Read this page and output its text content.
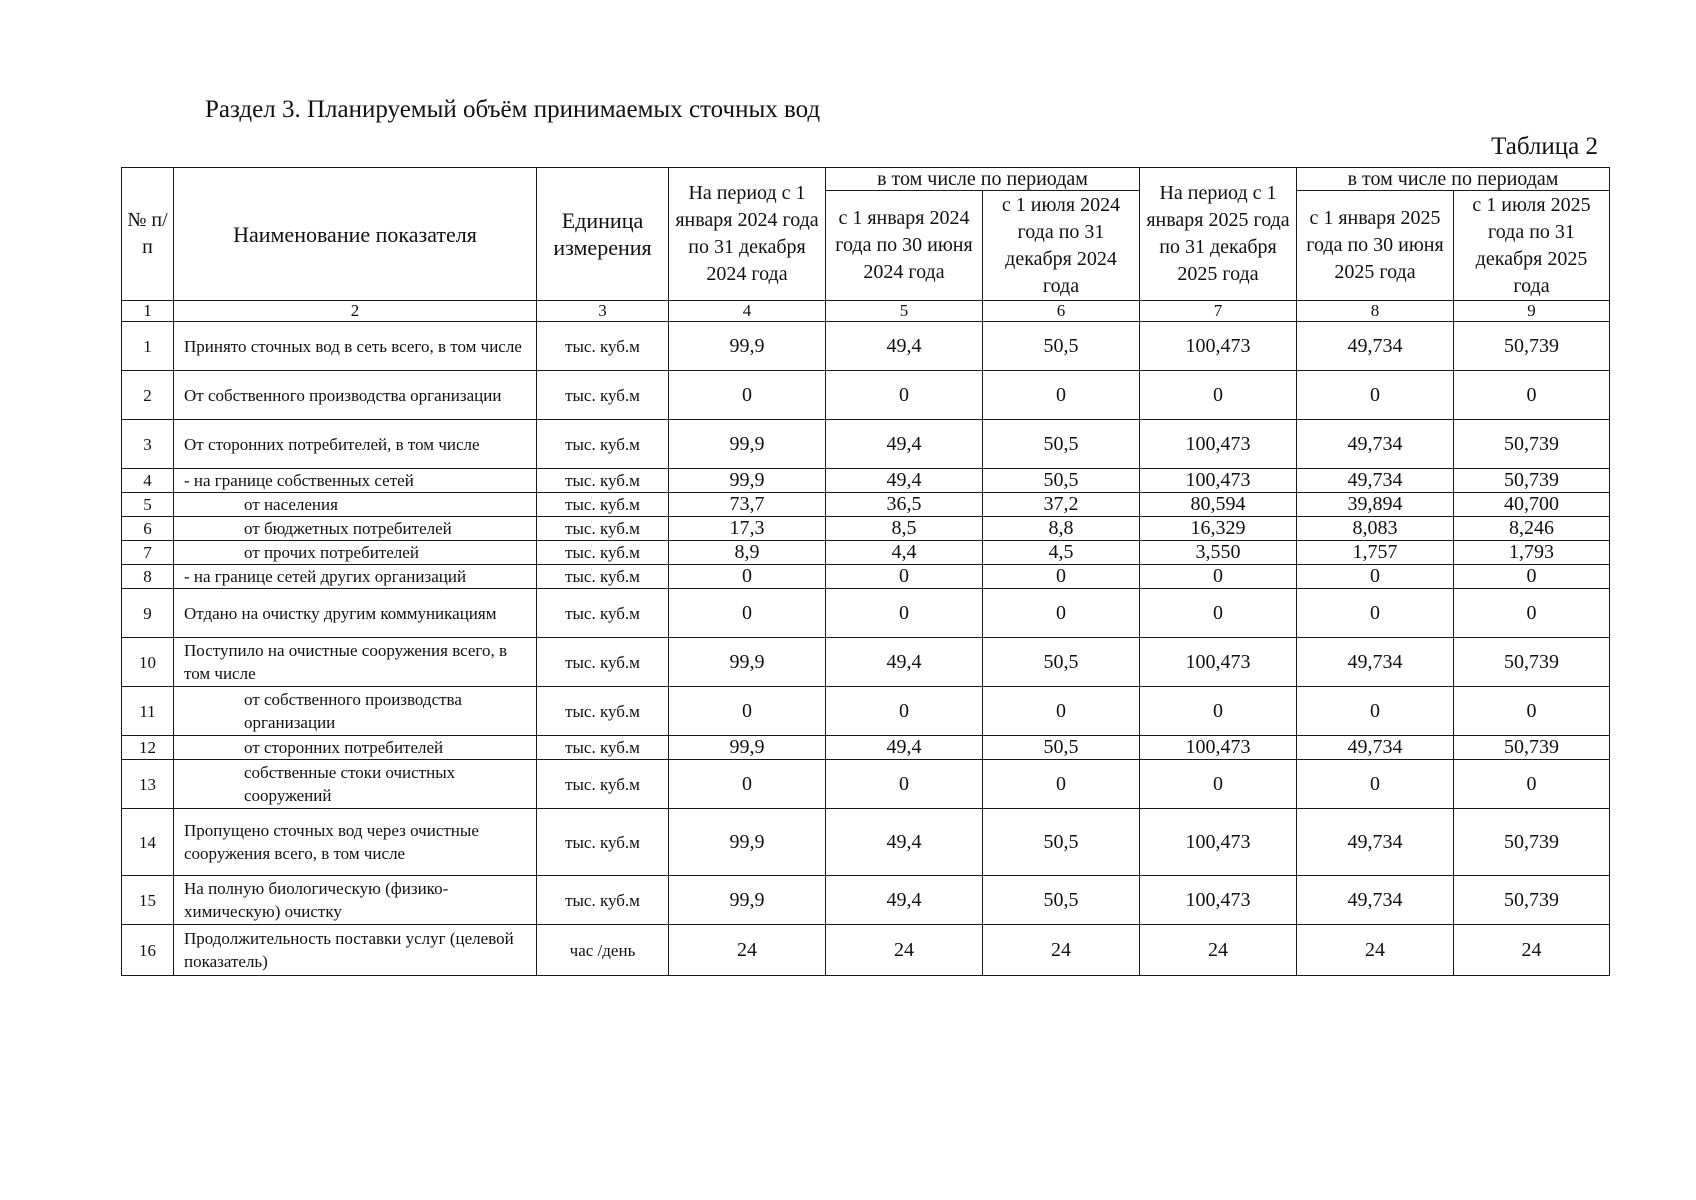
Раздел 3. Планируемый объём принимаемых сточных вод
Таблица 2
№ п/п	Наименование показателя	Единица измерения	На период с 1 января 2024 года по 31 декабря 2024 года	в том числе по периодам		На период с 1 января 2025 года по 31 декабря 2025 года	в том числе по периодам	
				с 1 января 2024 года по 30 июня 2024 года	с 1 июля 2024 года по 31 декабря 2024 года		с 1 января 2025 года по 30 июня 2025 года	с 1 июля 2025 года по 31 декабря 2025 года
1	2	3	4	5	6	7	8	9
1	Принято сточных вод в сеть всего, в том числе	тыс. куб.м	99,9	49,4	50,5	100,473	49,734	50,739
2	От собственного производства организации	тыс. куб.м	0	0	0	0	0	0
3	От сторонних потребителей, в том числе	тыс. куб.м	99,9	49,4	50,5	100,473	49,734	50,739
4	- на границе собственных сетей	тыс. куб.м	99,9	49,4	50,5	100,473	49,734	50,739
5	от населения	тыс. куб.м	73,7	36,5	37,2	80,594	39,894	40,700
6	от бюджетных потребителей	тыс. куб.м	17,3	8,5	8,8	16,329	8,083	8,246
7	от прочих потребителей	тыс. куб.м	8,9	4,4	4,5	3,550	1,757	1,793
8	- на границе сетей других организаций	тыс. куб.м	0	0	0	0	0	0
9	Отдано на очистку другим коммуникациям	тыс. куб.м	0	0	0	0	0	0
10	Поступило на очистные сооружения всего, в том числе	тыс. куб.м	99,9	49,4	50,5	100,473	49,734	50,739
11	от собственного производства организации	тыс. куб.м	0	0	0	0	0	0
12	от сторонних потребителей	тыс. куб.м	99,9	49,4	50,5	100,473	49,734	50,739
13	собственные стоки очистных сооружений	тыс. куб.м	0	0	0	0	0	0
14	Пропущено сточных вод через очистные сооружения всего, в том числе	тыс. куб.м	99,9	49,4	50,5	100,473	49,734	50,739
15	На полную биологическую (физико-химическую) очистку	тыс. куб.м	99,9	49,4	50,5	100,473	49,734	50,739
16	Продолжительность поставки услуг (целевой показатель)	час /день	24	24	24	24	24	24
